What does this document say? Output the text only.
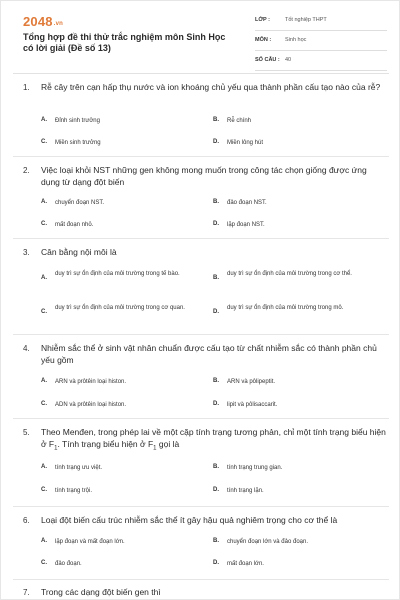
2048.vn
Tổng hợp đề thi thử trắc nghiệm môn Sinh Học có lời giải (Đề số 13)
LỚP :	Tốt nghiệp THPT
MÔN :	Sinh học
SỐ CÂU : 40
1. Rễ cây trên cạn hấp thụ nước và ion khoáng chủ yếu qua thành phần cấu tạo nào của rễ?
A. Đỉnh sinh trưởng	B. Rễ chính
C. Miền sinh trưởng	D. Miền lông hút
2. Việc loại khỏi NST những gen không mong muốn trong công tác chọn giống được ứng dụng từ dạng đột biến
A. chuyển đoạn NST.	B. đảo đoạn NST.
C. mất đoạn nhỏ.	D. lặp đoạn NST.
3. Cân bằng nội môi là
A.
duy trì sự ổn định của môi trường trong tế bào.
B.
duy trì sự ổn định của môi trường trong cơ thể.
C.
duy trì sự ổn định của môi trường trong cơ quan.
D.
duy trì sự ổn định của môi trường trong mô.
4. Nhiễm sắc thể ở sinh vật nhân chuẩn được cấu tạo từ chất nhiễm sắc có thành phần chủ yếu gồm
A. ARN và prôtêin loại histon.	B. ARN và pôlipeptit.
C. ADN và prôtêin loại histon.	D. lipit và pôlisaccarit.
5. Theo Menđen, trong phép lai về một cặp tính trạng tương phản, chỉ một tính trạng biểu hiện ở $F_1$. Tính trạng biểu hiện ở $F_1$ gọi là
A. tính trạng ưu việt.	B. tính trạng trung gian.
C. tính trạng trội.	D. tính trạng lặn.
6. Loại đột biến cấu trúc nhiễm sắc thể ít gây hậu quả nghiêm trọng cho cơ thể là
A. lặp đoạn và mất đoạn lớn.	B. chuyển đoạn lớn và đảo đoạn.
C. đảo đoạn.	D. mất đoạn lớn.
7. Trong các dạng đột biến gen thì
